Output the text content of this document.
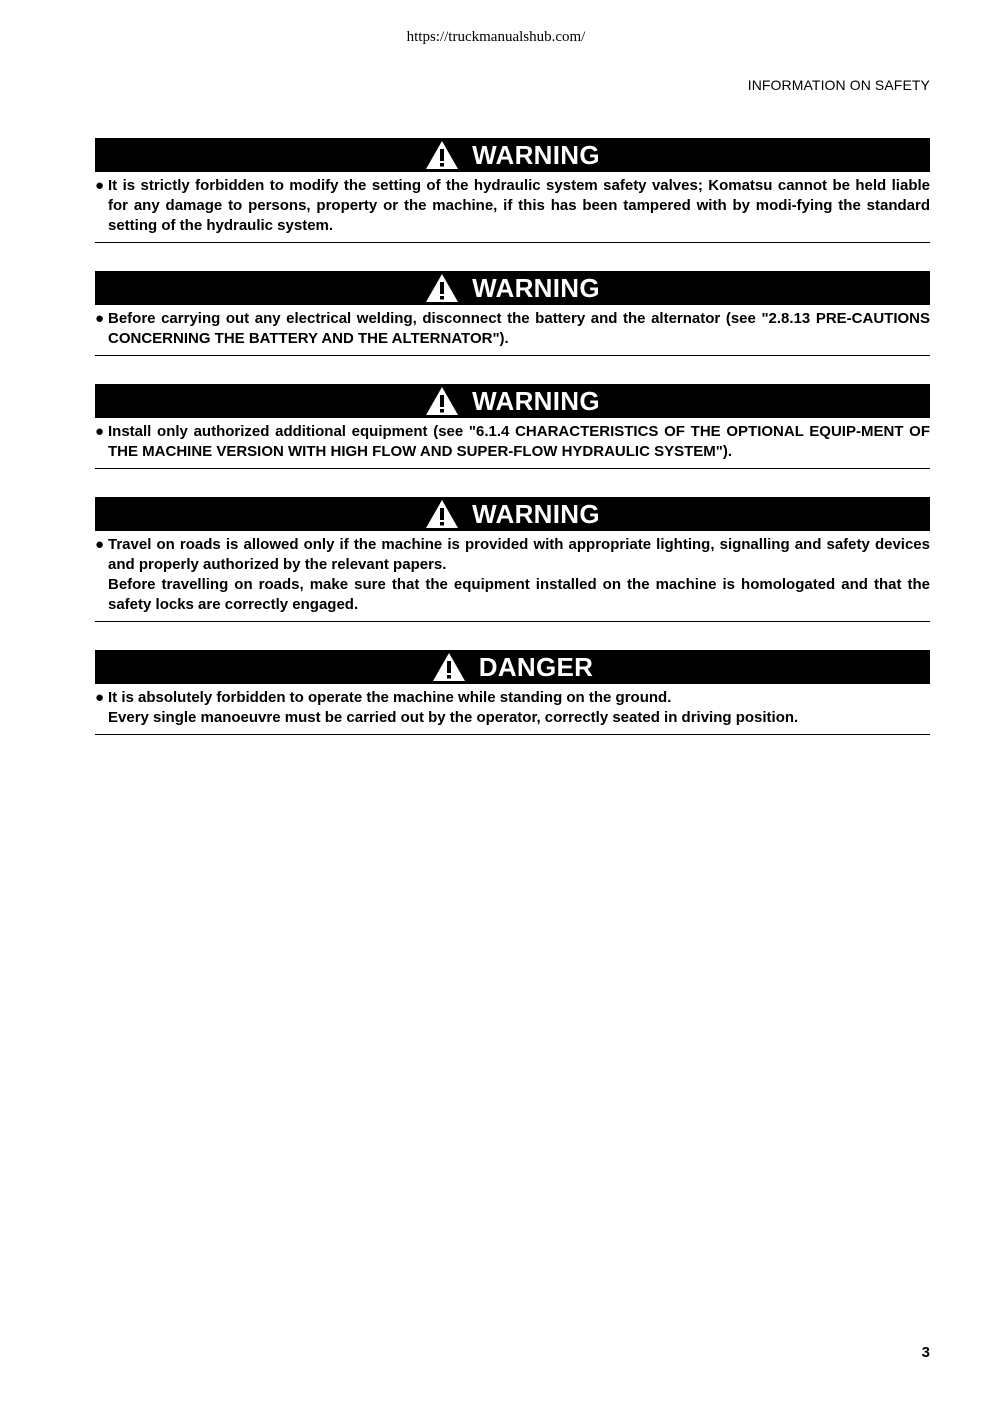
https://truckmanualshub.com/
INFORMATION ON SAFETY
WARNING
● It is strictly forbidden to modify the setting of the hydraulic system safety valves; Komatsu cannot be held liable for any damage to persons, property or the machine, if this has been tampered with by modi-fying the standard setting of the hydraulic system.
WARNING
● Before carrying out any electrical welding, disconnect the battery and the alternator (see "2.8.13 PRE-CAUTIONS CONCERNING THE BATTERY AND THE ALTERNATOR").
WARNING
● Install only authorized additional equipment (see "6.1.4 CHARACTERISTICS OF THE OPTIONAL EQUIP-MENT OF THE MACHINE VERSION WITH HIGH FLOW AND SUPER-FLOW HYDRAULIC SYSTEM").
WARNING
● Travel on roads is allowed only if the machine is provided with appropriate lighting, signalling and safety devices and properly authorized by the relevant papers.
Before travelling on roads, make sure that the equipment installed on the machine is homologated and that the safety locks are correctly engaged.
DANGER
● It is absolutely forbidden to operate the machine while standing on the ground.
Every single manoeuvre must be carried out by the operator, correctly seated in driving position.
3
